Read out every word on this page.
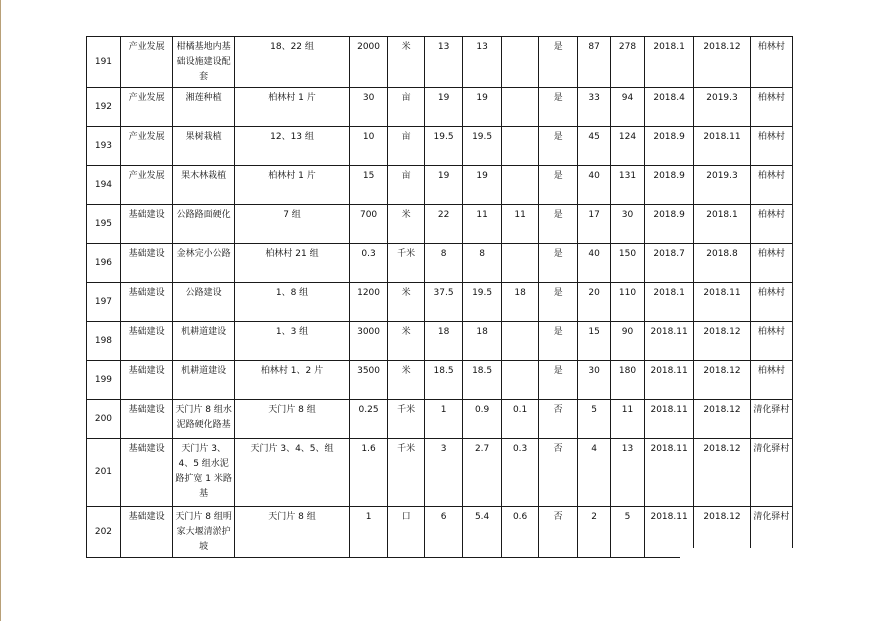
191	产业发展	柑橘基地内基础设施建设配套	18、22 组	2000	米	13	13		是	87	278	2018.1	2018.12	柏林村
192	产业发展	湘莲种植	柏林村 1 片	30	亩	19	19		是	33	94	2018.4	2019.3	柏林村
193	产业发展	果树栽植	12、13 组	10	亩	19.5	19.5		是	45	124	2018.9	2018.11	柏林村
194	产业发展	果木林栽植	柏林村 1 片	15	亩	19	19		是	40	131	2018.9	2019.3	柏林村
195	基础建设	公路路面硬化	7 组	700	米	22	11	11	是	17	30	2018.9	2018.1	柏林村
196	基础建设	金林完小公路	柏林村 21 组	0.3	千米	8	8		是	40	150	2018.7	2018.8	柏林村
197	基础建设	公路建设	1、8 组	1200	米	37.5	19.5	18	是	20	110	2018.1	2018.11	柏林村
198	基础建设	机耕道建设	1、3 组	3000	米	18	18		是	15	90	2018.11	2018.12	柏林村
199	基础建设	机耕道建设	柏林村 1、2 片	3500	米	18.5	18.5		是	30	180	2018.11	2018.12	柏林村
200	基础建设	天门片 8 组水泥路硬化路基	天门片 8 组	0.25	千米	1	0.9	0.1	否	5	11	2018.11	2018.12	清化驿村
201	基础建设	天门片 3、4、5 组水泥路扩宽 1 米路基	天门片 3、4、5、组	1.6	千米	3	2.7	0.3	否	4	13	2018.11	2018.12	清化驿村
202	基础建设	天门片 8 组明家大堰清淤护坡	天门片 8 组	1	口	6	5.4	0.6	否	2	5	2018.11	2018.12	清化驿村
